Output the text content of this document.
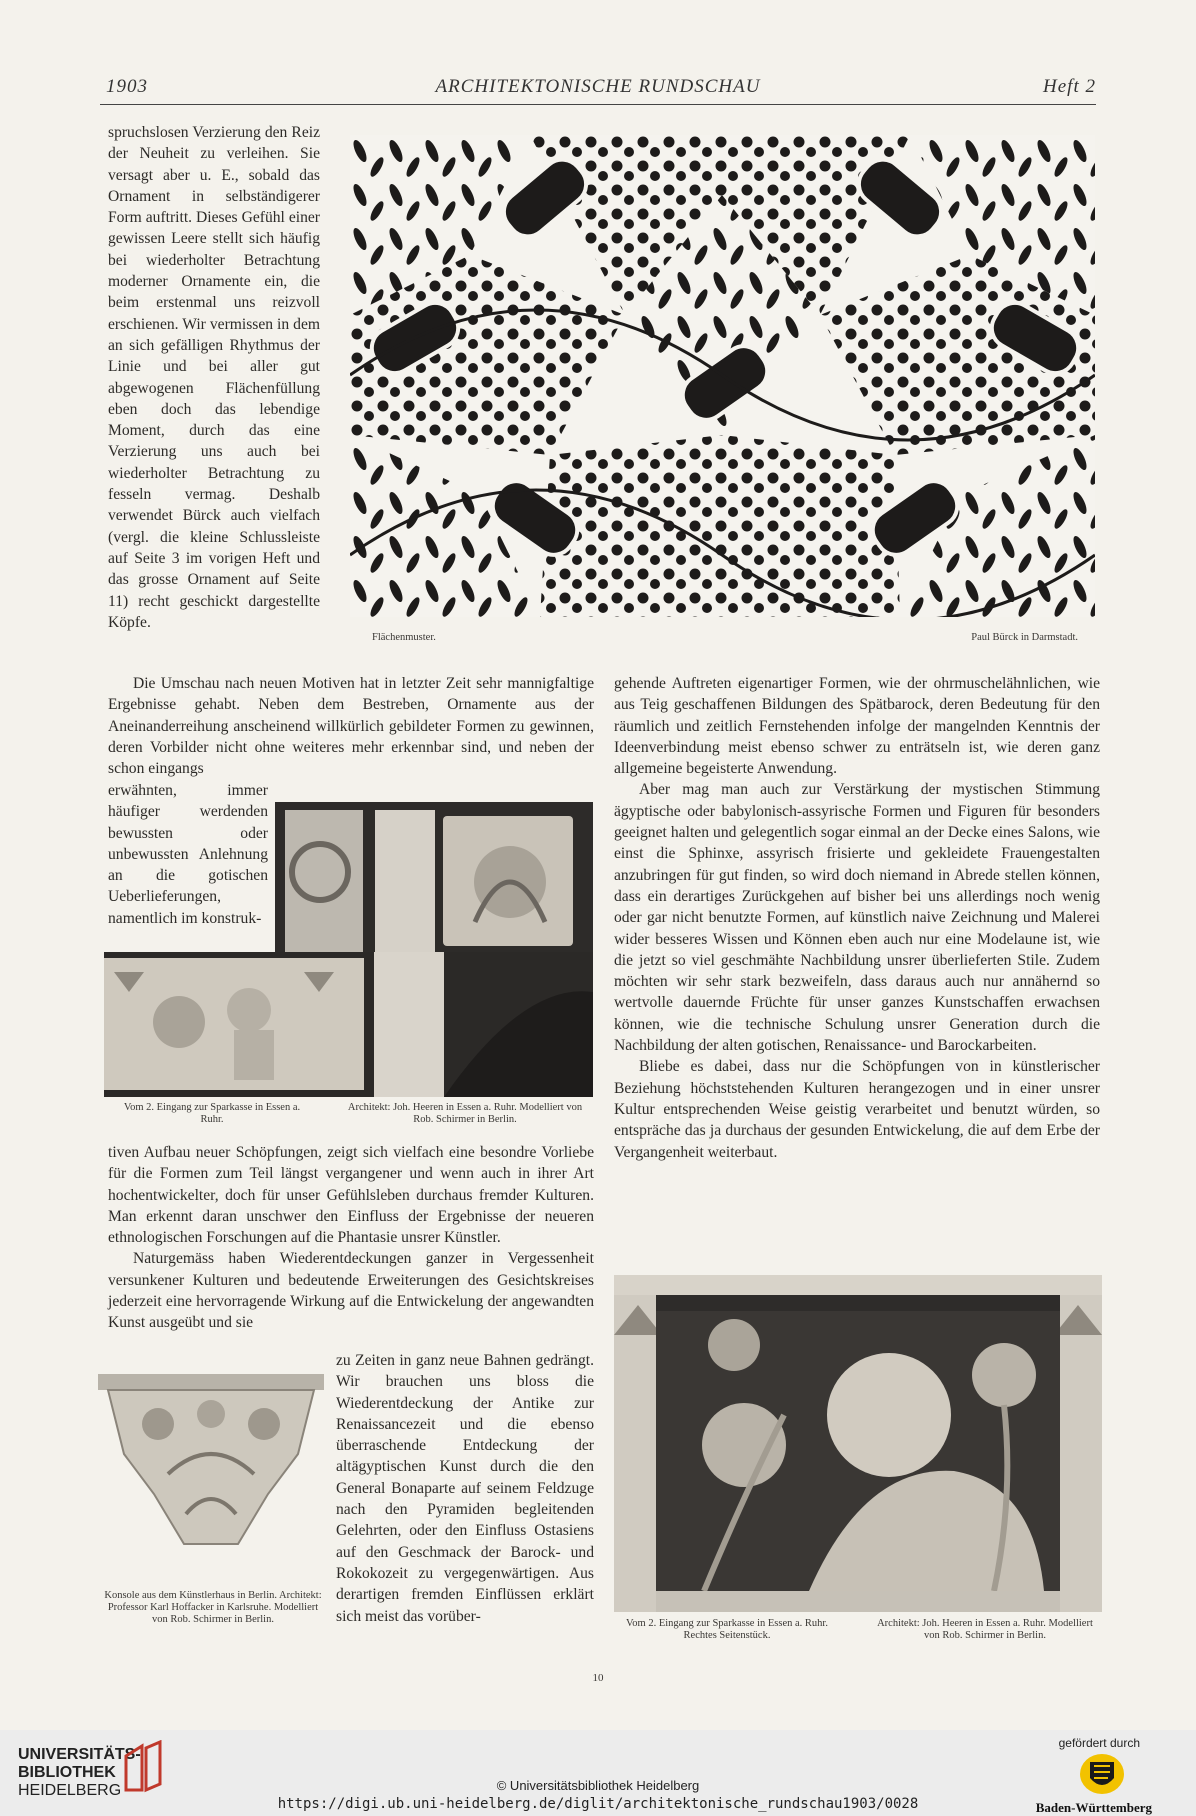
1903	ARCHITEKTONISCHE RUNDSCHAU	Heft 2

spruchslosen Verzierung den Reiz der Neuheit zu verleihen. Sie versagt aber u. E., sobald das Ornament in selbständigerer Form auftritt. Dieses Gefühl einer gewissen Leere stellt sich häufig bei wiederholter Betrachtung moderner Ornamente ein, die beim erstenmal uns reizvoll erschienen. Wir vermissen in dem an sich gefälligen Rhythmus der Linie und bei aller gut abgewogenen Flächenfüllung eben doch das lebendige Moment, durch das eine Verzierung uns auch bei wiederholter Betrachtung zu fesseln vermag. Deshalb verwendet Bürck auch vielfach (vergl. die kleine Schlussleiste auf Seite 3 im vorigen Heft und das grosse Ornament auf Seite 11) recht geschickt dargestellte Köpfe.

Flächenmuster.	Paul Bürck in Darmstadt.
Die Umschau nach neuen Motiven hat in letzter Zeit sehr mannigfaltige Ergebnisse gehabt. Neben dem Bestreben, Ornamente aus der Aneinanderreihung anscheinend willkürlich gebildeter Formen zu gewinnen, deren Vorbilder nicht ohne weiteres mehr erkennbar sind, und neben der schon eingangs
erwähnten, immer häufiger werdenden bewussten oder unbewussten Anlehnung an die gotischen Ueberlieferungen, namentlich im konstruk-
Vom 2. Eingang zur Sparkasse in Essen a. Ruhr.
Architekt: Joh. Heeren in Essen a. Ruhr. Modelliert von Rob. Schirmer in Berlin.

tiven Aufbau neuer Schöpfungen, zeigt sich vielfach eine besondre Vorliebe für die Formen zum Teil längst vergangener und wenn auch in ihrer Art hochentwickelter, doch für unser Gefühlsleben durchaus fremder Kulturen. Man erkennt daran unschwer den Einfluss der Ergebnisse der neueren ethnologischen Forschungen auf die Phantasie unsrer Künstler.

Naturgemäss haben Wiederentdeckungen ganzer in Vergessenheit versunkener Kulturen und bedeutende Erweiterungen des Gesichtskreises jederzeit eine hervorragende Wirkung auf die Entwickelung der angewandten Kunst ausgeübt und sie

Konsole aus dem Künstlerhaus in Berlin. Architekt: Professor Karl Hoffacker in Karlsruhe. Modelliert von Rob. Schirmer in Berlin.
zu Zeiten in ganz neue Bahnen gedrängt. Wir brauchen uns bloss die Wiederentdeckung der Antike zur Renaissancezeit und die ebenso überraschende Entdeckung der altägyptischen Kunst durch die den General Bonaparte auf seinem Feldzuge nach den Pyramiden begleitenden Gelehrten, oder den Einfluss Ostasiens auf den Geschmack der Barock- und Rokokozeit zu vergegenwärtigen. Aus derartigen fremden Einflüssen erklärt sich meist das vorüber-

gehende Auftreten eigenartiger Formen, wie der ohrmuschelähnlichen, wie aus Teig geschaffenen Bildungen des Spätbarock, deren Bedeutung für den räumlich und zeitlich Fernstehenden infolge der mangelnden Kenntnis der Ideenverbindung meist ebenso schwer zu enträtseln ist, wie deren ganz allgemeine begeisterte Anwendung.

Aber mag man auch zur Verstärkung der mystischen Stimmung ägyptische oder babylonisch-assyrische Formen und Figuren für besonders geeignet halten und gelegentlich sogar einmal an der Decke eines Salons, wie einst die Sphinxe, assyrisch frisierte und gekleidete Frauengestalten anzubringen für gut finden, so wird doch niemand in Abrede stellen können, dass ein derartiges Zurückgehen auf bisher bei uns allerdings noch wenig oder gar nicht benutzte Formen, auf künstlich naive Zeichnung und Malerei wider besseres Wissen und Können eben auch nur eine Modelaune ist, wie die jetzt so viel geschmähte Nachbildung unsrer überlieferten Stile. Zudem möchten wir sehr stark bezweifeln, dass daraus auch nur annähernd so wertvolle dauernde Früchte für unser ganzes Kunstschaffen erwachsen können, wie die technische Schulung unsrer Generation durch die Nachbildung der alten gotischen, Renaissance- und Barockarbeiten.

Bliebe es dabei, dass nur die Schöpfungen von in künstlerischer Beziehung höchststehenden Kulturen herangezogen und in einer unsrer Kultur entsprechenden Weise geistig verarbeitet und benutzt würden, so entspräche das ja durchaus der gesunden Entwickelung, die auf dem Erbe der Vergangenheit weiterbaut.

Vom 2. Eingang zur Sparkasse in Essen a. Ruhr. Rechtes Seitenstück.
Architekt: Joh. Heeren in Essen a. Ruhr. Modelliert von Rob. Schirmer in Berlin.
10
UNIVERSITÄTS-
BIBLIOTHEK
HEIDELBERG	© Universitätsbibliothek Heidelberg
https://digi.ub.uni-heidelberg.de/diglit/architektonische_rundschau1903/0028
gefördert durch
Baden-Württemberg
